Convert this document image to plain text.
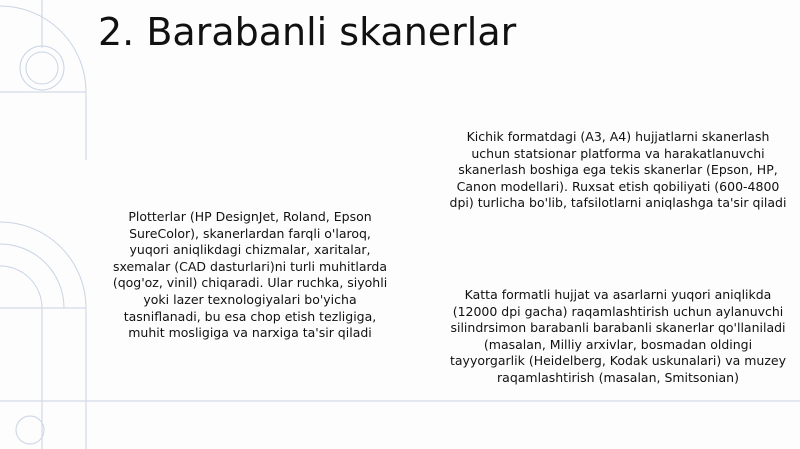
2. Barabanli skanerlar

Plotterlar (HP DesignJet, Roland, Epson SureColor), skanerlardan farqli o'laroq, yuqori aniqlikdagi chizmalar, xaritalar, sxemalar (CAD dasturlari)ni turli muhitlarda (qog'oz, vinil) chiqaradi. Ular ruchka, siyohli yoki lazer texnologiyalari bo'yicha tasniflanadi, bu esa chop etish tezligiga, muhit mosligiga va narxiga ta'sir qiladi

Kichik formatdagi (A3, A4) hujjatlarni skanerlash uchun statsionar platforma va harakatlanuvchi skanerlash boshiga ega tekis skanerlar (Epson, HP, Canon modellari). Ruxsat etish qobiliyati (600-4800 dpi) turlicha bo'lib, tafsilotlarni aniqlashga ta'sir qiladi

Katta formatli hujjat va asarlarni yuqori aniqlikda (12000 dpi gacha) raqamlashtirish uchun aylanuvchi silindrsimon barabanli barabanli skanerlar qo'llaniladi (masalan, Milliy arxivlar, bosmadan oldingi tayyorgarlik (Heidelberg, Kodak uskunalari) va muzey raqamlashtirish (masalan, Smitsonian)
